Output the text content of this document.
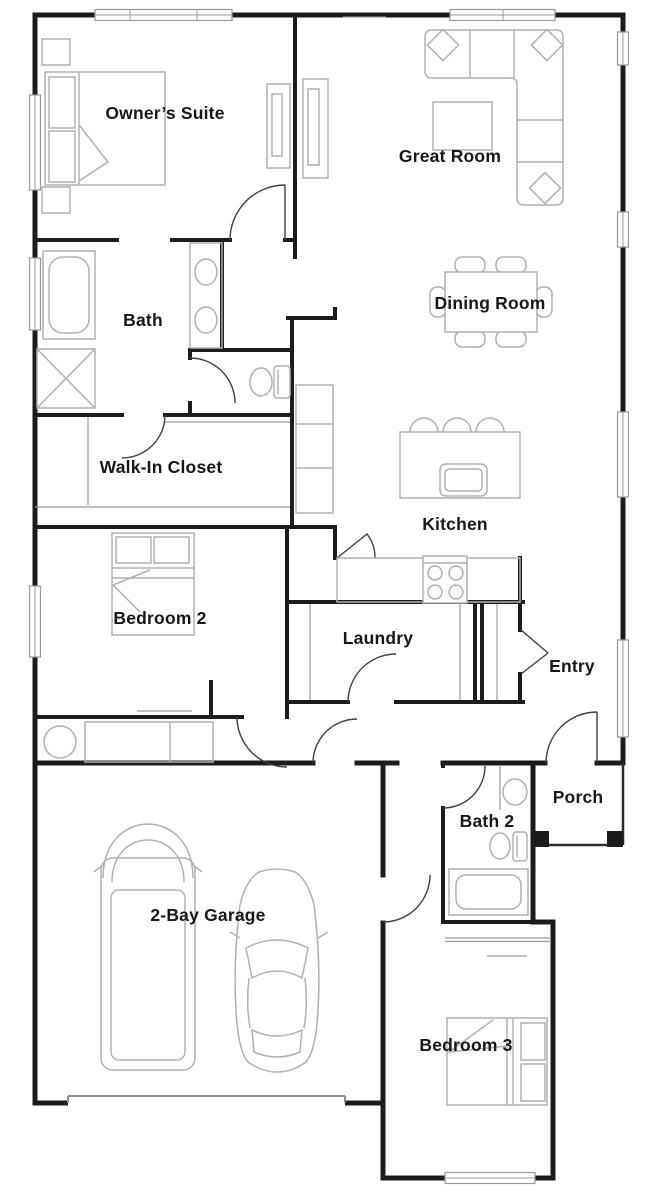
Owner’s Suite
Great Room
Bath
Dining Room
Walk-In Closet
Kitchen
Bedroom 2
Laundry
Entry
Porch
Bath 2
2-Bay Garage
Bedroom 3
